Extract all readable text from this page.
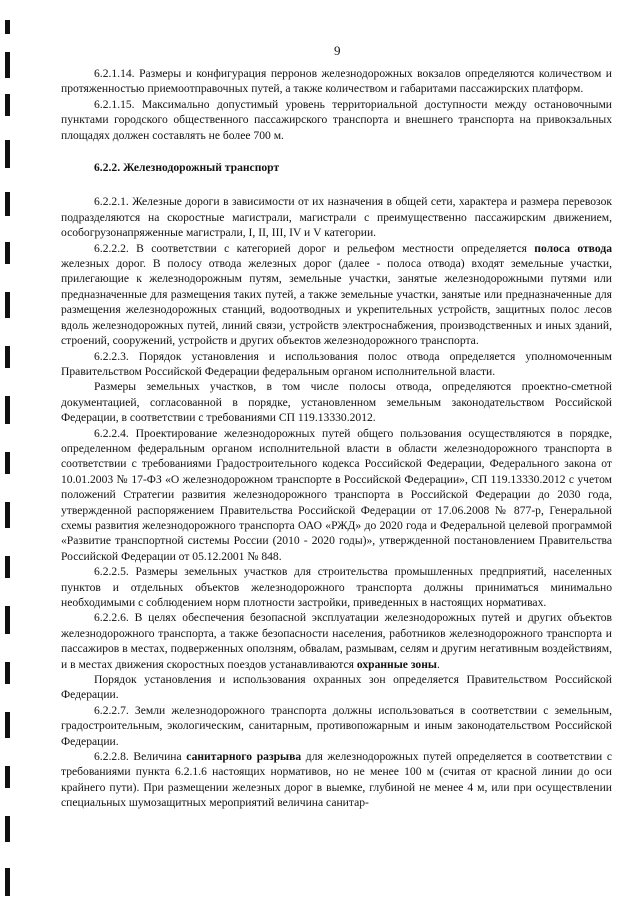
9

6.2.1.14. Размеры и конфигурация перронов железнодорожных вокзалов определяются количеством и протяженностью приемоотправочных путей, а также количеством и габаритами пассажирских платформ.

6.2.1.15. Максимально допустимый уровень территориальной доступности между остановочными пунктами городского общественного пассажирского транспорта и внешнего транспорта на привокзальных площадях должен составлять не более 700 м.

6.2.2. Железнодорожный транспорт

6.2.2.1. Железные дороги в зависимости от их назначения в общей сети, характера и размера перевозок подразделяются на скоростные магистрали, магистрали с преимущественно пассажирским движением, особогрузонапряженные магистрали, I, II, III, IV и V категории.

6.2.2.2. В соответствии с категорией дорог и рельефом местности определяется полоса отвода железных дорог. В полосу отвода железных дорог (далее - полоса отвода) входят земельные участки, прилегающие к железнодорожным путям, земельные участки, занятые железнодорожными путями или предназначенные для размещения таких путей, а также земельные участки, занятые или предназначенные для размещения железнодорожных станций, водоотводных и укрепительных устройств, защитных полос лесов вдоль железнодорожных путей, линий связи, устройств электроснабжения, производственных и иных зданий, строений, сооружений, устройств и других объектов железнодорожного транспорта.

6.2.2.3. Порядок установления и использования полос отвода определяется уполномоченным Правительством Российской Федерации федеральным органом исполнительной власти.

Размеры земельных участков, в том числе полосы отвода, определяются проектно-сметной документацией, согласованной в порядке, установленном земельным законодательством Российской Федерации, в соответствии с требованиями СП 119.13330.2012.

6.2.2.4. Проектирование железнодорожных путей общего пользования осуществляются в порядке, определенном федеральным органом исполнительной власти в области железнодорожного транспорта в соответствии с требованиями Градостроительного кодекса Российской Федерации, Федерального закона от 10.01.2003 № 17-ФЗ «О железнодорожном транспорте в Российской Федерации», СП 119.13330.2012 с учетом положений Стратегии развития железнодорожного транспорта в Российской Федерации до 2030 года, утвержденной распоряжением Правительства Российской Федерации от 17.06.2008 № 877-р, Генеральной схемы развития железнодорожного транспорта ОАО «РЖД» до 2020 года и Федеральной целевой программой «Развитие транспортной системы России (2010 - 2020 годы)», утвержденной постановлением Правительства Российской Федерации от 05.12.2001 № 848.

6.2.2.5. Размеры земельных участков для строительства промышленных предприятий, населенных пунктов и отдельных объектов железнодорожного транспорта должны приниматься минимально необходимыми с соблюдением норм плотности застройки, приведенных в настоящих нормативах.

6.2.2.6. В целях обеспечения безопасной эксплуатации железнодорожных путей и других объектов железнодорожного транспорта, а также безопасности населения, работников железнодорожного транспорта и пассажиров в местах, подверженных оползням, обвалам, размывам, селям и другим негативным воздействиям, и в местах движения скоростных поездов устанавливаются охранные зоны.

Порядок установления и использования охранных зон определяется Правительством Российской Федерации.

6.2.2.7. Земли железнодорожного транспорта должны использоваться в соответствии с земельным, градостроительным, экологическим, санитарным, противопожарным и иным законодательством Российской Федерации.

6.2.2.8. Величина санитарного разрыва для железнодорожных путей определяется в соответствии с требованиями пункта 6.2.1.6 настоящих нормативов, но не менее 100 м (считая от красной линии до оси крайнего пути). При размещении железных дорог в выемке, глубиной не менее 4 м, или при осуществлении специальных шумозащитных мероприятий величина санитар-
